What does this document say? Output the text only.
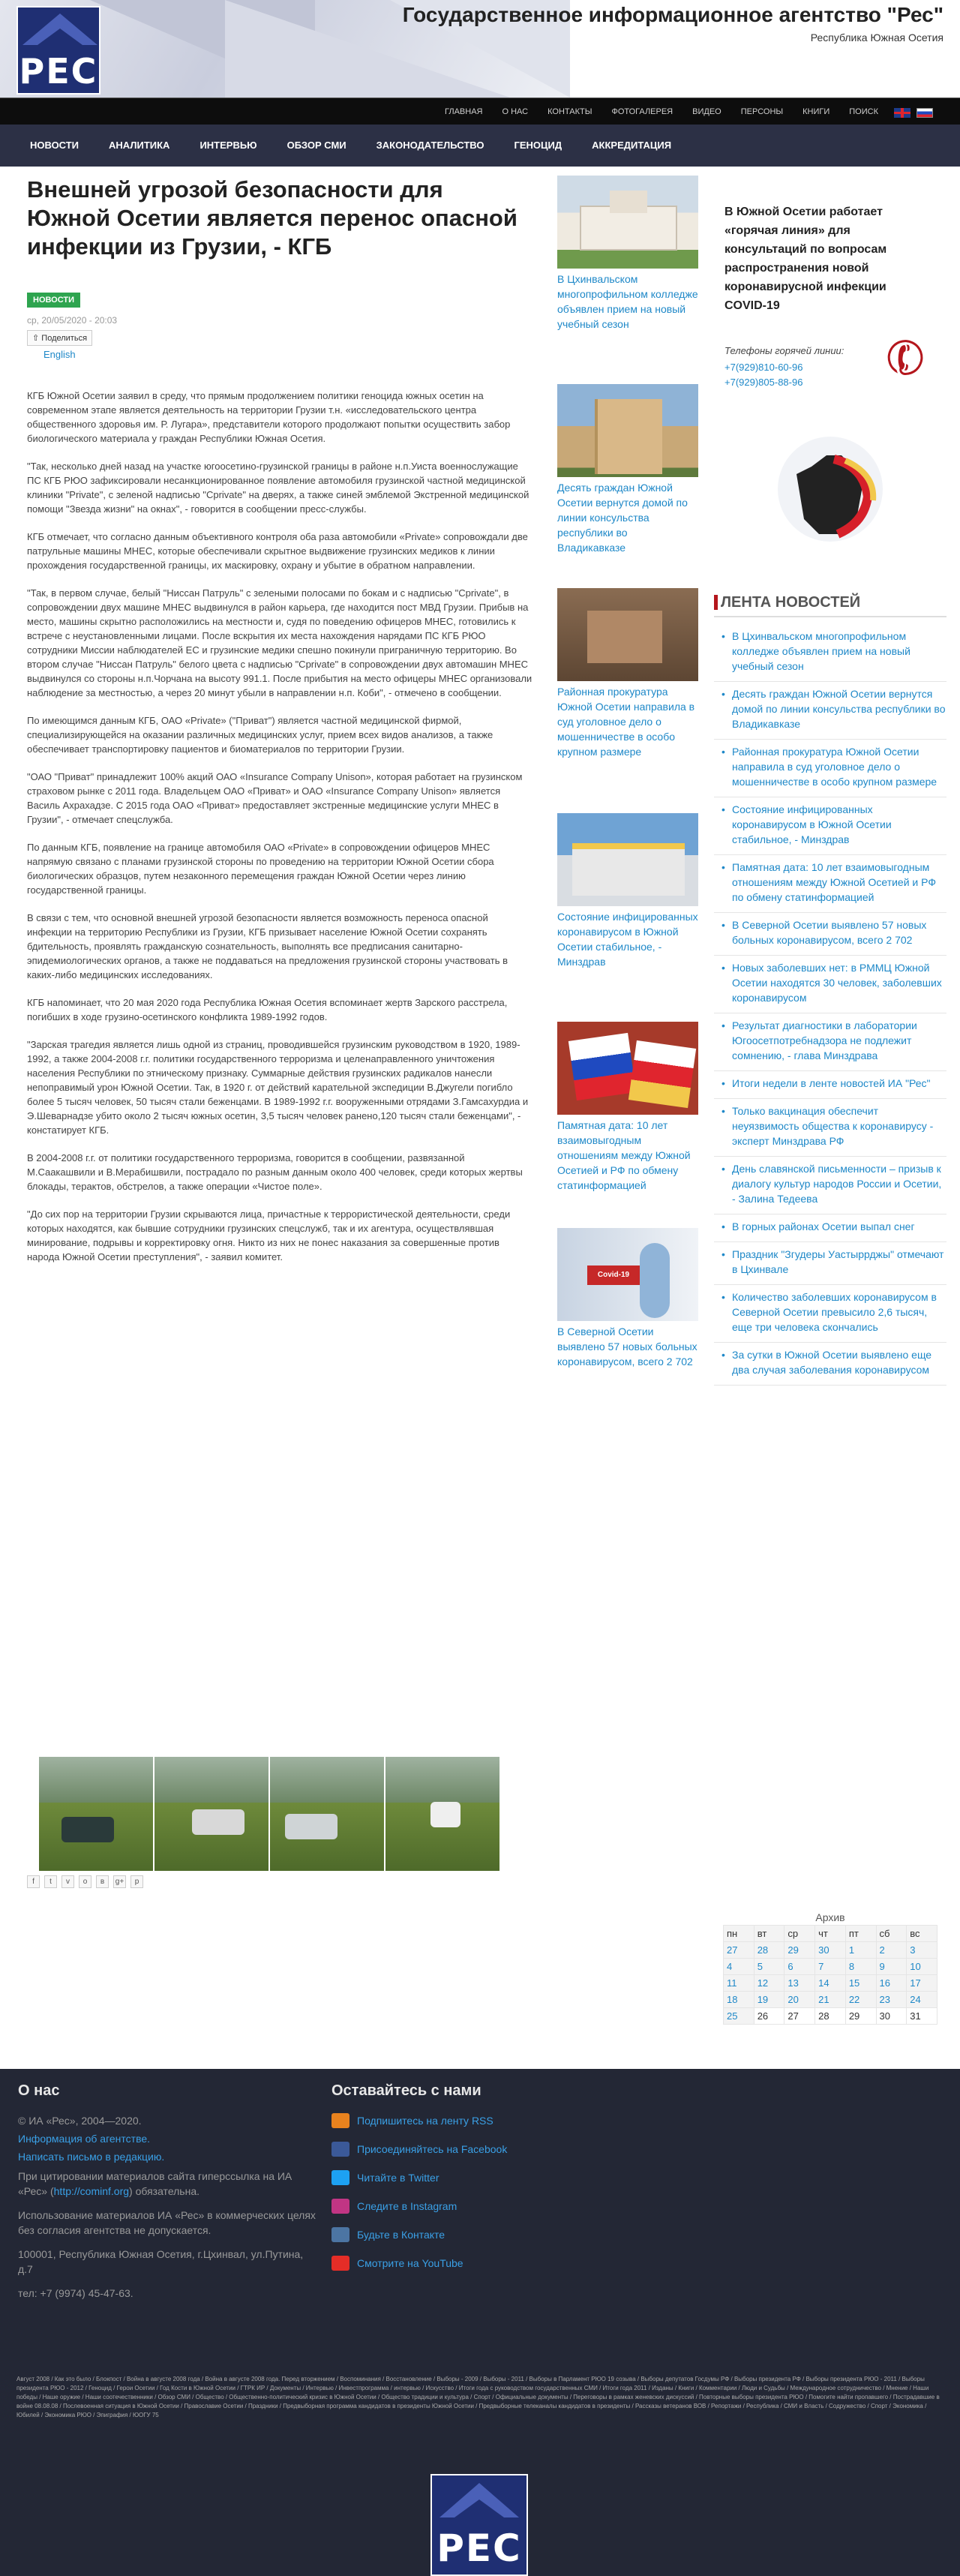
РЕС
Государственное информационное агентство "Рес"
Республика Южная Осетия
ГЛАВНАЯ	О НАС	КОНТАКТЫ	ФОТОГАЛЕРЕЯ	ВИДЕО	ПЕРСОНЫ	КНИГИ	ПОИСК
НОВОСТИ	АНАЛИТИКА	ИНТЕРВЬЮ	ОБЗОР СМИ	ЗАКОНОДАТЕЛЬСТВО	ГЕНОЦИД	АККРЕДИТАЦИЯ
Внешней угрозой безопасности для Южной Осетии является перенос опасной инфекции из Грузии, - КГБ
НОВОСТИ
ср, 20/05/2020 - 20:03
⇧ Поделиться
English

КГБ Южной Осетии заявил в среду, что прямым продолжением политики геноцида южных осетин на современном этапе является деятельность на территории Грузии т.н. «исследовательского центра общественного здоровья им. Р. Лугара», представители которого продолжают попытки осуществить забор биологического материала у граждан Республики Южная Осетия.

"Так, несколько дней назад на участке югоосетино-грузинской границы в районе н.п.Уиста военнослужащие ПС КГБ РЮО зафиксировали несанкционированное появление автомобиля грузинской частной медицинской клиники "Private", с зеленой надписью "Cprivate" на дверях, а также синей эмблемой Экстренной медицинской помощи "Звезда жизни" на окнах", - говорится в сообщении пресс-службы.

КГБ отмечает, что согласно данным объективного контроля оба раза автомобили «Private» сопровождали две патрульные машины МНЕС, которые обеспечивали скрытное выдвижение грузинских медиков к линии прохождения государственной границы, их маскировку, охрану и убытие в обратном направлении.

"Так, в первом случае, белый "Ниссан Патруль" с зелеными полосами по бокам и с надписью "Cprivate", в сопровождении двух машине МНЕС выдвинулся в район карьера, где находится пост МВД Грузии. Прибыв на место, машины скрытно расположились на местности и, судя по поведению офицеров МНЕС, готовились к встрече с неустановленными лицами. После вскрытия их места нахождения нарядами ПС КГБ РЮО сотрудники Миссии наблюдателей ЕС и грузинские медики спешно покинули приграничную территорию. Во втором случае "Ниссан Патруль" белого цвета с надписью "Cprivate" в сопровождении двух автомашин МНЕС выдвинулся со стороны н.п.Чорчана на высоту 991.1. После прибытия на место офицеры МНЕС организовали наблюдение за местностью, а через 20 минут убыли в направлении н.п. Коби", - отмечено в сообщении.

По имеющимся данным КГБ, ОАО «Private» ("Приват") является частной медицинской фирмой, специализирующейся на оказании различных медицинских услуг, прием всех видов анализов, а также обеспечивает транспортировку пациентов и биоматериалов по территории Грузии.

"ОАО "Приват" принадлежит 100% акций ОАО «Insurance Company Unison», которая работает на грузинском страховом рынке с 2011 года. Владельцем ОАО «Приват» и ОАО «Insurance Company Unison» является Василь Ахрахадзе. С 2015 года ОАО «Приват» предоставляет экстренные медицинские услуги МНЕС в Грузии", - отмечает спецслужба.

По данным КГБ, появление на границе автомобиля ОАО «Private» в сопровождении офицеров МНЕС напрямую связано с планами грузинской стороны по проведению на территории Южной Осетии сбора биологических образцов, путем незаконного перемещения граждан Южной Осетии через линию государственной границы.

В связи с тем, что основной внешней угрозой безопасности является возможность переноса опасной инфекции на территорию Республики из Грузии, КГБ призывает население Южной Осетии сохранять бдительность, проявлять гражданскую сознательность, выполнять все предписания санитарно-эпидемиологических органов, а также не поддаваться на предложения грузинской стороны участвовать в каких-либо медицинских исследованиях.

КГБ напоминает, что 20 мая 2020 года Республика Южная Осетия вспоминает жертв Зарского расстрела, погибших в ходе грузино-осетинского конфликта 1989-1992 годов.

"Зарская трагедия является лишь одной из страниц, проводившейся грузинским руководством в 1920, 1989-1992, а также 2004-2008 г.г. политики государственного терроризма и целенаправленного уничтожения населения Республики по этническому признаку. Суммарные действия грузинских радикалов нанесли непоправимый урон Южной Осетии. Так, в 1920 г. от действий карательной экспедиции В.Джугели погибло более 5 тысяч человек, 50 тысяч стали беженцами. В 1989-1992 г.г. вооруженными отрядами З.Гамсахурдиа и Э.Шеварнадзе убито около 2 тысяч южных осетин, 3,5 тысяч человек ранено,120 тысяч стали беженцами", - констатирует КГБ.

В 2004-2008 г.г. от политики государственного терроризма, говорится в сообщении, развязанной М.Саакашвили и В.Мерабишвили, пострадало по разным данным около 400 человек, среди которых жертвы блокады, терактов, обстрелов, а также операции «Чистое поле».

"До сих пор на территории Грузии скрываются лица, причастные к террористической деятельности, среди которых находятся, как бывшие сотрудники грузинских спецслужб, так и их агентура, осуществлявшая минирование, подрывы и корректировку огня. Никто из них не понес наказания за совершенные против народа Южной Осетии преступления", - заявил комитет.

f	t	v	о	в	g+	p
В Цхинвальском многопрофильном колледже объявлен прием на новый учебный сезон
Десять граждан Южной Осетии вернутся домой по линии консульства республики во Владикавказе
Районная прокуратура Южной Осетии направила в суд уголовное дело о мошенничестве в особо крупном размере
Состояние инфицированных коронавирусом в Южной Осетии стабильное, - Минздрав
Памятная дата: 10 лет взаимовыгодным отношениям между Южной Осетией и РФ по обмену статинформацией
Covid-19
В Северной Осетии выявлено 57 новых больных коронавирусом, всего 2 702
В Южной Осетии работает «горячая линия» для консультаций по вопросам распространения новой коронавирусной инфекции COVID-19
Телефоны горячей линии:
+7(929)810-60-96
+7(929)805-88-96 ✆
ЛЕНТА НОВОСТЕЙ
• В Цхинвальском многопрофильном колледже объявлен прием на новый учебный сезон
• Десять граждан Южной Осетии вернутся домой по линии консульства республики во Владикавказе
• Районная прокуратура Южной Осетии направила в суд уголовное дело о мошенничестве в особо крупном размере
• Состояние инфицированных коронавирусом в Южной Осетии стабильное, - Минздрав
• Памятная дата: 10 лет взаимовыгодным отношениям между Южной Осетией и РФ по обмену статинформацией
• В Северной Осетии выявлено 57 новых больных коронавирусом, всего 2 702
• Новых заболевших нет: в РММЦ Южной Осетии находятся 30 человек, заболевших коронавирусом
• Результат диагностики в лаборатории Югоосетпотребнадзора не подлежит сомнению, - глава Минздрава
• Итоги недели в ленте новостей ИА "Рес"
• Только вакцинация обеспечит неуязвимость общества к коронавирусу - эксперт Минздрава РФ
• День славянской письменности – призыв к диалогу культур народов России и Осетии, - Залина Тедеева
• В горных районах Осетии выпал снег
• Праздник "Згудеры Уастыррджы" отмечают в Цхинвале
• Количество заболевших коронавирусом в Северной Осетии превысило 2,6 тысяч, еще три человека скончались
• За сутки в Южной Осетии выявлено еще два случая заболевания коронавирусом
Архив
пн	вт	ср	чт	пт	сб	вс
27	28	29	30	1	2	3
4	5	6	7	8	9	10
11	12	13	14	15	16	17
18	19	20	21	22	23	24
25	26	27	28	29	30	31
О нас
© ИА «Рес», 2004—2020.
Информация об агентстве.
Написать письмо в редакцию.
При цитировании материалов сайта гиперссылка на ИА «Рес» (http://cominf.org) обязательна.
Использование материалов ИА «Рес» в коммерческих целях без согласия агентства не допускается.
100001, Республика Южная Осетия, г.Цхинвал, ул.Путина, д.7
тел: +7 (9974) 45-47-63.
Оставайтесь с нами
Подпишитесь на ленту RSS
Присоединяйтесь на Facebook
Читайте в Twitter
Следите в Instagram
Будьте в Контакте
Смотрите на YouTube
Август 2008 / Как это было / Блокпост / Война в августе 2008 года / Война в августе 2008 года. Перед вторжением / Воспоминания / Восстановление / Выборы - 2009 / Выборы - 2011 / Выборы в Парламент РЮО 19 созыва / Выборы депутатов Госдумы РФ / Выборы президента РФ / Выборы президента РЮО - 2011 / Выборы президента РЮО - 2012 / Геноцид / Герои Осетии / Год Кости в Южной Осетии / ГТРК ИР / Документы / Интервью / Инвестпрограмма / интервью / Искусство / Итоги года с руководством государственных СМИ / Итоги года 2011 / Изданы / Книги / Комментарии / Люди и Судьбы / Международное сотрудничество / Мнение / Наши победы / Наше оружие / Наши соотечественники / Обзор СМИ / Общество / Общественно-политический кризис в Южной Осетии / Общество традиции и культура / Спорт / Официальные документы / Переговоры в рамках женевских дискуссий / Повторные выборы президента РЮО / Помогите найти пропавшего / Пострадавшие в войне 08.08.08 / Послевоенная ситуация в Южной Осетии / Православие Осетии / Праздники / Предвыборная программа кандидатов в президенты Южной Осетии / Предвыборные телеканалы кандидатов в президенты / Рассказы ветеранов ВОВ / Репортажи / Республика / СМИ и Власть / Содружество / Спорт / Экономика / Юбилей / Экономика РЮО / Эпиграфия / ЮОГУ 75
РЕС
